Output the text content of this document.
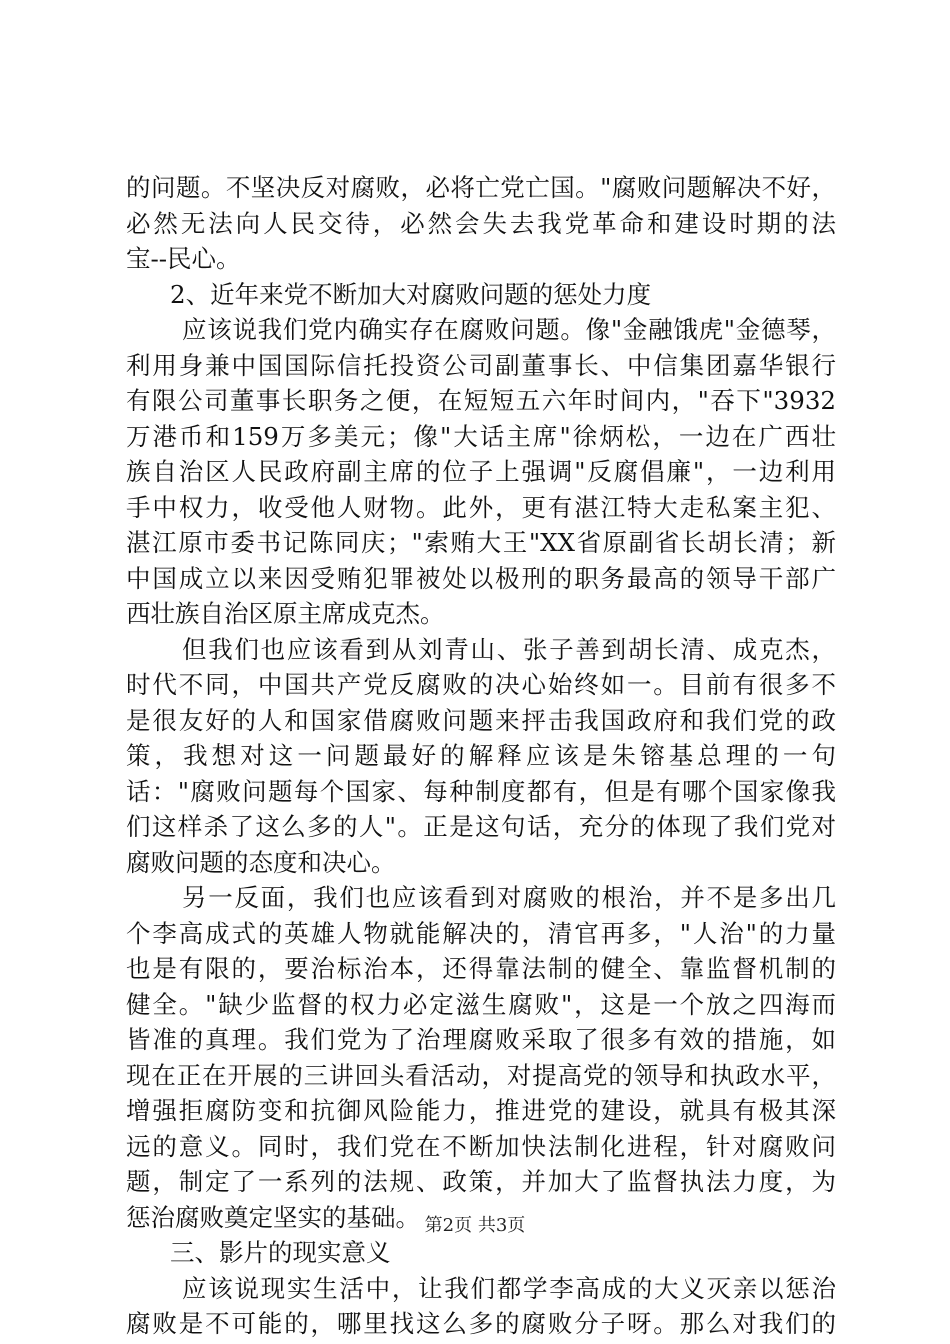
的问题。不坚决反对腐败，必将亡党亡国。"腐败问题解决不好，
必然无法向人民交待，必然会失去我党革命和建设时期的法
宝--民心。
2、近年来党不断加大对腐败问题的惩处力度
应该说我们党内确实存在腐败问题。像"金融饿虎"金德琴，
利用身兼中国国际信托投资公司副董事长、中信集团嘉华银行
有限公司董事长职务之便，在短短五六年时间内，"吞下"3932
万港币和159万多美元；像"大话主席"徐炳松，一边在广西壮
族自治区人民政府副主席的位子上强调"反腐倡廉"，一边利用
手中权力，收受他人财物。此外，更有湛江特大走私案主犯、
湛江原市委书记陈同庆；"索贿大王"XX省原副省长胡长清；新
中国成立以来因受贿犯罪被处以极刑的职务最高的领导干部广
西壮族自治区原主席成克杰。
但我们也应该看到从刘青山、张子善到胡长清、成克杰，
时代不同，中国共产党反腐败的决心始终如一。目前有很多不
是很友好的人和国家借腐败问题来抨击我国政府和我们党的政
策，我想对这一问题最好的解释应该是朱镕基总理的一句
话："腐败问题每个国家、每种制度都有，但是有哪个国家像我
们这样杀了这么多的人"。正是这句话，充分的体现了我们党对
腐败问题的态度和决心。
另一反面，我们也应该看到对腐败的根治，并不是多出几
个李高成式的英雄人物就能解决的，清官再多，"人治"的力量
也是有限的，要治标治本，还得靠法制的健全、靠监督机制的
健全。"缺少监督的权力必定滋生腐败"，这是一个放之四海而
皆准的真理。我们党为了治理腐败采取了很多有效的措施，如
现在正在开展的三讲回头看活动，对提高党的领导和执政水平，
增强拒腐防变和抗御风险能力，推进党的建设，就具有极其深
远的意义。同时，我们党在不断加快法制化进程，针对腐败问
题，制定了一系列的法规、政策，并加大了监督执法力度，为
惩治腐败奠定坚实的基础。
三、影片的现实意义
应该说现实生活中，让我们都学李高成的大义灭亲以惩治
腐败是不可能的，哪里找这么多的腐败分子呀。那么对我们的
第2页 共3页
